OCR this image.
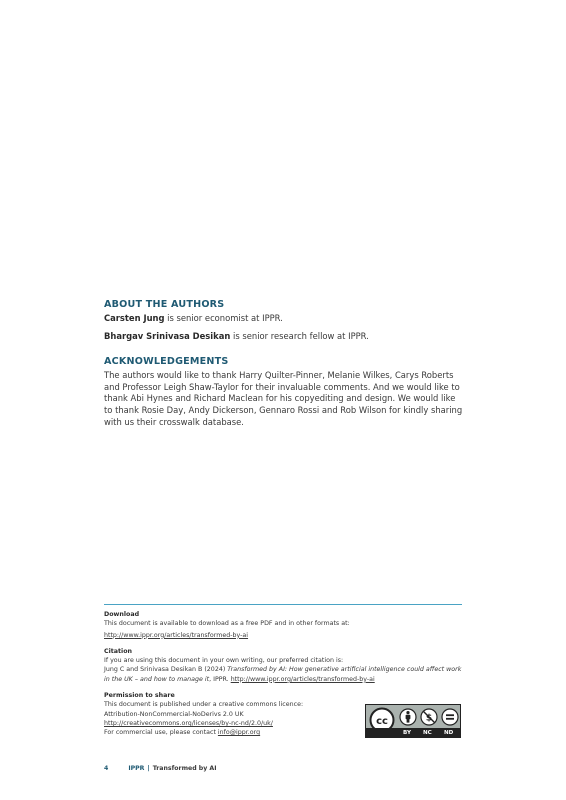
ABOUT THE AUTHORS

Carsten Jung is senior economist at IPPR.

Bhargav Srinivasa Desikan is senior research fellow at IPPR.

ACKNOWLEDGEMENTS

The authors would like to thank Harry Quilter-Pinner, Melanie Wilkes, Carys Roberts and Professor Leigh Shaw-Taylor for their invaluable comments. And we would like to thank Abi Hynes and Richard Maclean for his copyediting and design. We would like to thank Rosie Day, Andy Dickerson, Gennaro Rossi and Rob Wilson for kindly sharing with us their crosswalk database.

Download
This document is available to download as a free PDF and in other formats at:
http://www.ippr.org/articles/transformed-by-ai
Citation
If you are using this document in your own writing, our preferred citation is:
Jung C and Srinivasa Desikan B (2024) Transformed by AI: How generative artificial intelligence could affect work in the UK – and how to manage it, IPPR. http://www.ippr.org/articles/transformed-by-ai
Permission to share
This document is published under a creative commons licence:
Attribution-NonCommercial-NoDerivs 2.0 UK
http://creativecommons.org/licenses/by-nc-nd/2.0/uk/
For commercial use, please contact info@ippr.org
cc	$
BY NC ND
4	IPPR | Transformed by AI
